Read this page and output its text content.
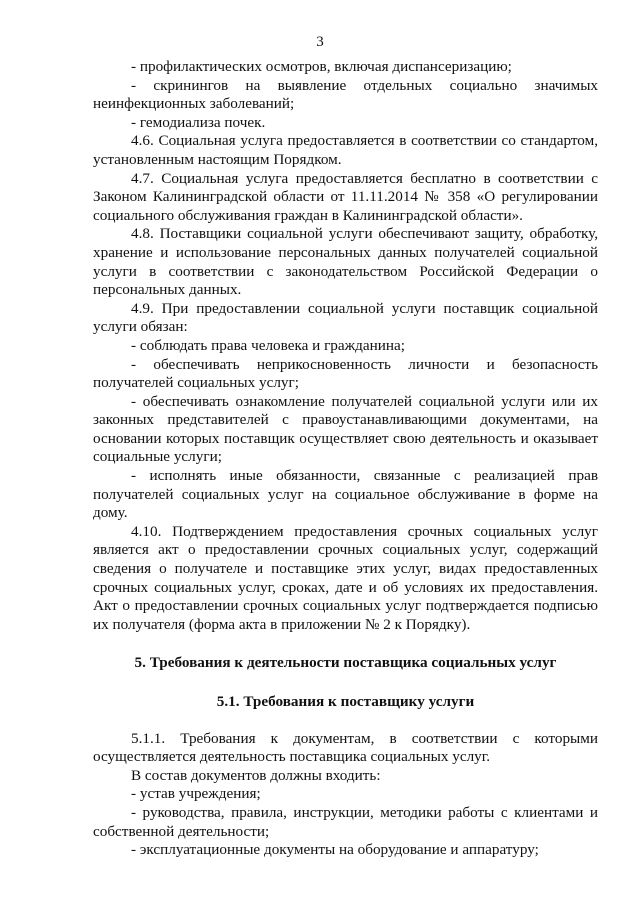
3

- профилактических осмотров, включая диспансеризацию;

- скринингов на выявление отдельных социально значимых неинфекционных заболеваний;

- гемодиализа почек.

4.6. Социальная услуга предоставляется в соответствии со стандартом, установленным настоящим Порядком.

4.7. Социальная услуга предоставляется бесплатно в соответствии с Законом Калининградской области от 11.11.2014 № 358 «О регулировании социального обслуживания граждан в Калининградской области».

4.8. Поставщики социальной услуги обеспечивают защиту, обработку, хранение и использование персональных данных получателей социальной услуги в соответствии с законодательством Российской Федерации о персональных данных.

4.9. При предоставлении социальной услуги поставщик социальной услуги обязан:

- соблюдать права человека и гражданина;

- обеспечивать неприкосновенность личности и безопасность получателей социальных услуг;

- обеспечивать ознакомление получателей социальной услуги или их законных представителей с правоустанавливающими документами, на основании которых поставщик осуществляет свою деятельность и оказывает социальные услуги;

- исполнять иные обязанности, связанные с реализацией прав получателей социальных услуг на социальное обслуживание в форме на дому.

4.10. Подтверждением предоставления срочных социальных услуг является акт о предоставлении срочных социальных услуг, содержащий сведения о получателе и поставщике этих услуг, видах предоставленных срочных социальных услуг, сроках, дате и об условиях их предоставления. Акт о предоставлении срочных социальных услуг подтверждается подписью их получателя (форма акта в приложении № 2 к Порядку).

5. Требования к деятельности поставщика социальных услуг

5.1. Требования к поставщику услуги

5.1.1. Требования к документам, в соответствии с которыми осуществляется деятельность поставщика социальных услуг.

В состав документов должны входить:

- устав учреждения;

- руководства, правила, инструкции, методики работы с клиентами и собственной деятельности;

- эксплуатационные документы на оборудование и аппаратуру;
